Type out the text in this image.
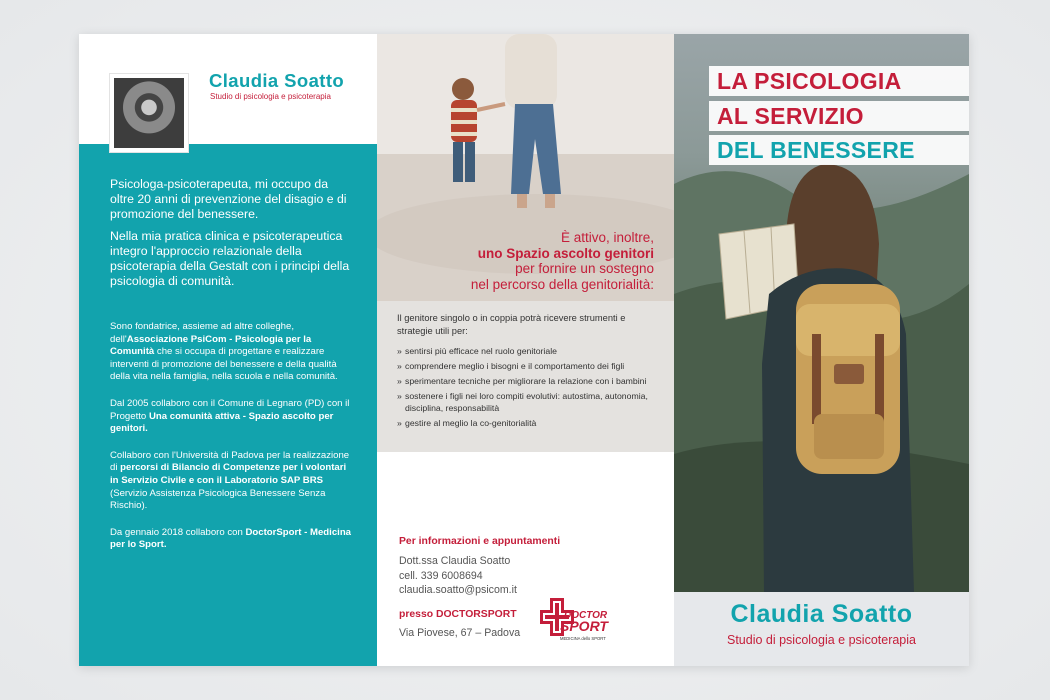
Claudia Soatto
Studio di psicologia e psicoterapia

Psicologa-psicoterapeuta, mi occupo da oltre 20 anni di prevenzione del disagio e di promozione del benessere.

Nella mia pratica clinica e psicoterapeutica integro l'approccio relazionale della psicoterapia della Gestalt con i principi della psicologia di comunità.

Sono fondatrice, assieme ad altre colleghe, dell'Associazione PsiCom - Psicologia per la Comunità che si occupa di progettare e realizzare interventi di promozione del benessere e della qualità della vita nella famiglia, nella scuola e nella comunità.

Dal 2005 collaboro con il Comune di Legnaro (PD) con il Progetto Una comunità attiva - Spazio ascolto per genitori.

Collaboro con l'Università di Padova per la realizzazione di percorsi di Bilancio di Competenze per i volontari in Servizio Civile e con il Laboratorio SAP BRS (Servizio Assistenza Psicologica Benessere Senza Rischio).

Da gennaio 2018 collaboro con DoctorSport - Medicina per lo Sport.

È attivo, inoltre,
uno Spazio ascolto genitori
per fornire un sostegno
nel percorso della genitorialità:
Il genitore singolo o in coppia potrà ricevere strumenti e strategie utili per:
» sentirsi più efficace nel ruolo genitoriale
» comprendere meglio i bisogni e il comportamento dei figli
» sperimentare tecniche per migliorare la relazione con i bambini
» sostenere i figli nei loro compiti evolutivi: autostima, autonomia, disciplina, responsabilità
» gestire al meglio la co-genitorialità
Per informazioni e appuntamenti
Dott.ssa Claudia Soatto
cell. 339 6008694
claudia.soatto@psicom.it
presso DOCTORSPORT
Via Piovese, 67 – Padova
DOCTOR
SPORT
MEDICINA dello SPORT
LA PSICOLOGIA
AL SERVIZIO
DEL BENESSERE
Claudia Soatto
Studio di psicologia e psicoterapia
